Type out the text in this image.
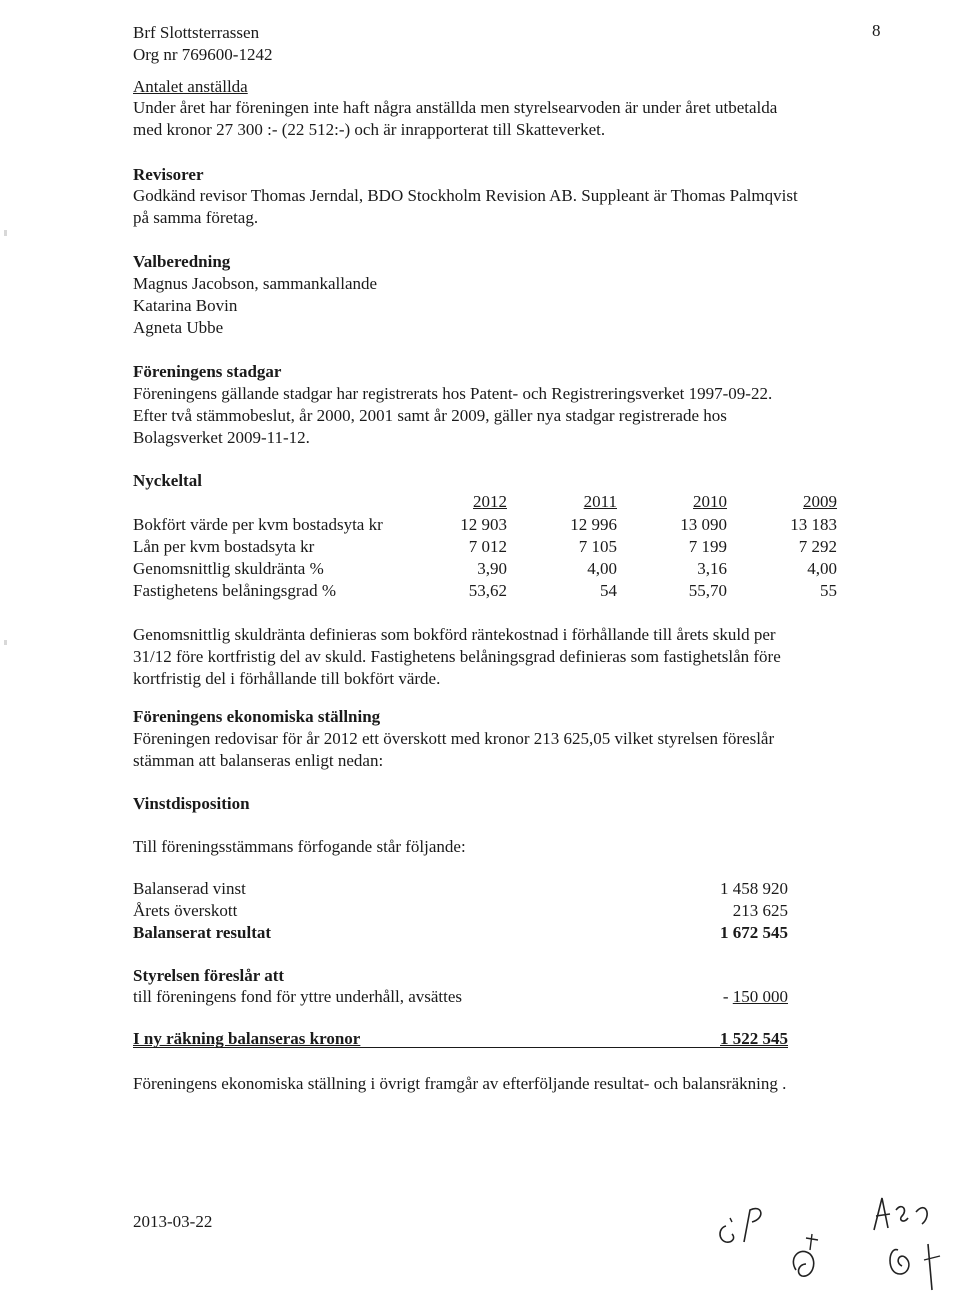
Brf Slottsterrassen
Org nr 769600-1242
8
Antalet anställda
Under året har föreningen inte haft några anställda men styrelsearvoden är under året utbetalda
med kronor 27 300 :- (22 512:-) och är inrapporterat till Skatteverket.
Revisorer
Godkänd revisor Thomas Jerndal, BDO Stockholm Revision AB. Suppleant är Thomas Palmqvist
på samma företag.
Valberedning
Magnus Jacobson, sammankallande
Katarina Bovin
Agneta Ubbe
Föreningens stadgar
Föreningens gällande stadgar har registrerats hos Patent- och Registreringsverket 1997-09-22.
Efter två stämmobeslut, år 2000, 2001 samt år 2009, gäller nya stadgar registrerade hos
Bolagsverket 2009-11-12.
Nyckeltal
	2012	2011	2010	2009
Bokfört värde per kvm bostadsyta kr	12 903	12 996	13 090	13 183
Lån per kvm bostadsyta kr	7 012	7 105	7 199	7 292
Genomsnittlig skuldränta %	3,90	4,00	3,16	4,00
Fastighetens belåningsgrad %	53,62	54	55,70	55
Genomsnittlig skuldränta definieras som bokförd räntekostnad i förhållande till årets skuld per
31/12 före kortfristig del av skuld. Fastighetens belåningsgrad definieras som fastighetslån före
kortfristig del i förhållande till bokfört värde.
Föreningens ekonomiska ställning
Föreningen redovisar för år 2012 ett överskott med kronor 213 625,05 vilket styrelsen föreslår
stämman att balanseras enligt nedan:
Vinstdisposition
Till föreningsstämmans förfogande står följande:
Balanserad vinst	1 458 920
Årets överskott	213 625
Balanserat resultat	1 672 545
Styrelsen föreslår att
till föreningens fond för yttre underhåll, avsättes	- 150 000
I ny räkning balanseras kronor	1 522 545
Föreningens ekonomiska ställning i övrigt framgår av efterföljande resultat- och balansräkning .
2013-03-22
